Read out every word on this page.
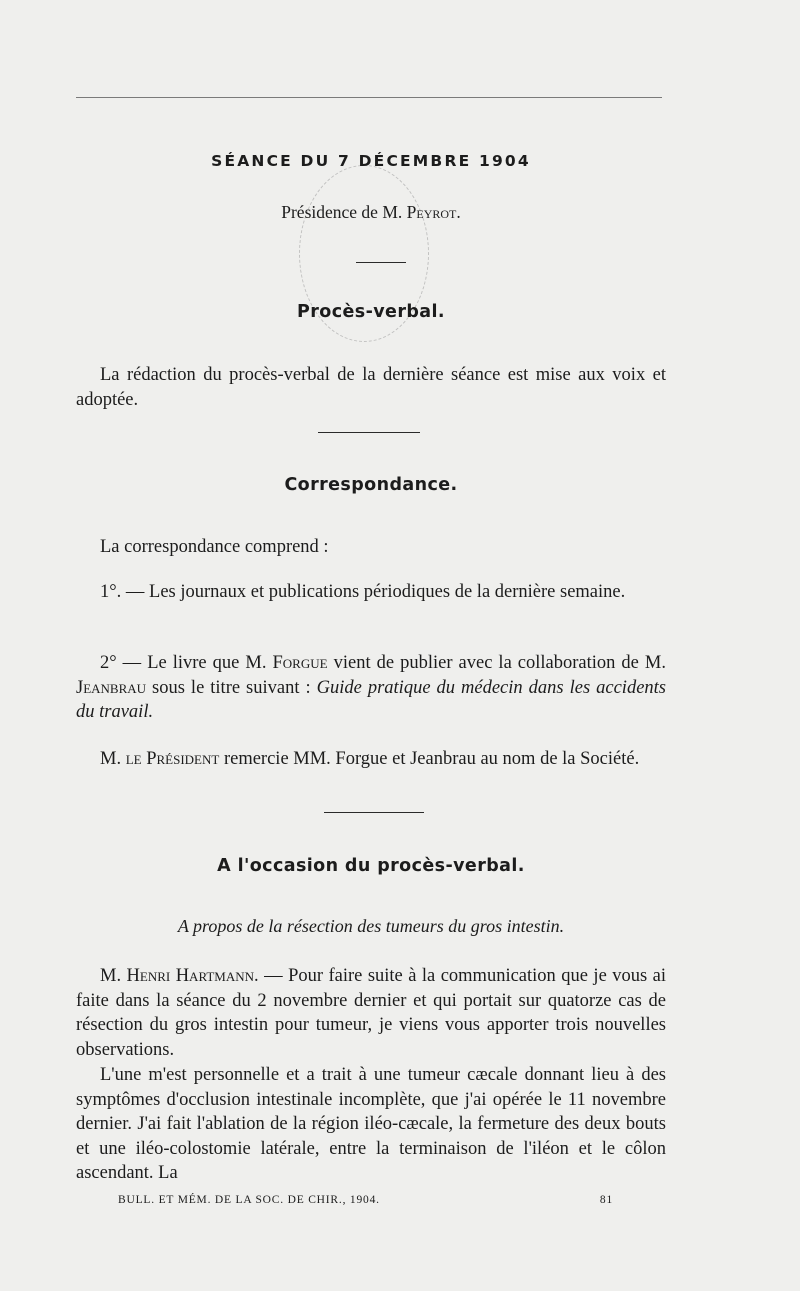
SÉANCE DU 7 DÉCEMBRE 1904
Présidence de M. Peyrot.
Procès-verbal.
La rédaction du procès-verbal de la dernière séance est mise aux voix et adoptée.
Correspondance.
La correspondance comprend :
1°. — Les journaux et publications périodiques de la dernière semaine.
2° — Le livre que M. Forgue vient de publier avec la collaboration de M. Jeanbrau sous le titre suivant : Guide pratique du médecin dans les accidents du travail.
M. le Président remercie MM. Forgue et Jeanbrau au nom de la Société.
A l'occasion du procès-verbal.
A propos de la résection des tumeurs du gros intestin.
M. Henri Hartmann. — Pour faire suite à la communication que je vous ai faite dans la séance du 2 novembre dernier et qui portait sur quatorze cas de résection du gros intestin pour tumeur, je viens vous apporter trois nouvelles observations.
L'une m'est personnelle et a trait à une tumeur cæcale donnant lieu à des symptômes d'occlusion intestinale incomplète, que j'ai opérée le 11 novembre dernier. J'ai fait l'ablation de la région iléo-cæcale, la fermeture des deux bouts et une iléo-colostomie latérale, entre la terminaison de l'iléon et le côlon ascendant. La
BULL. ET MÉM. DE LA SOC. DE CHIR., 1904.	81
